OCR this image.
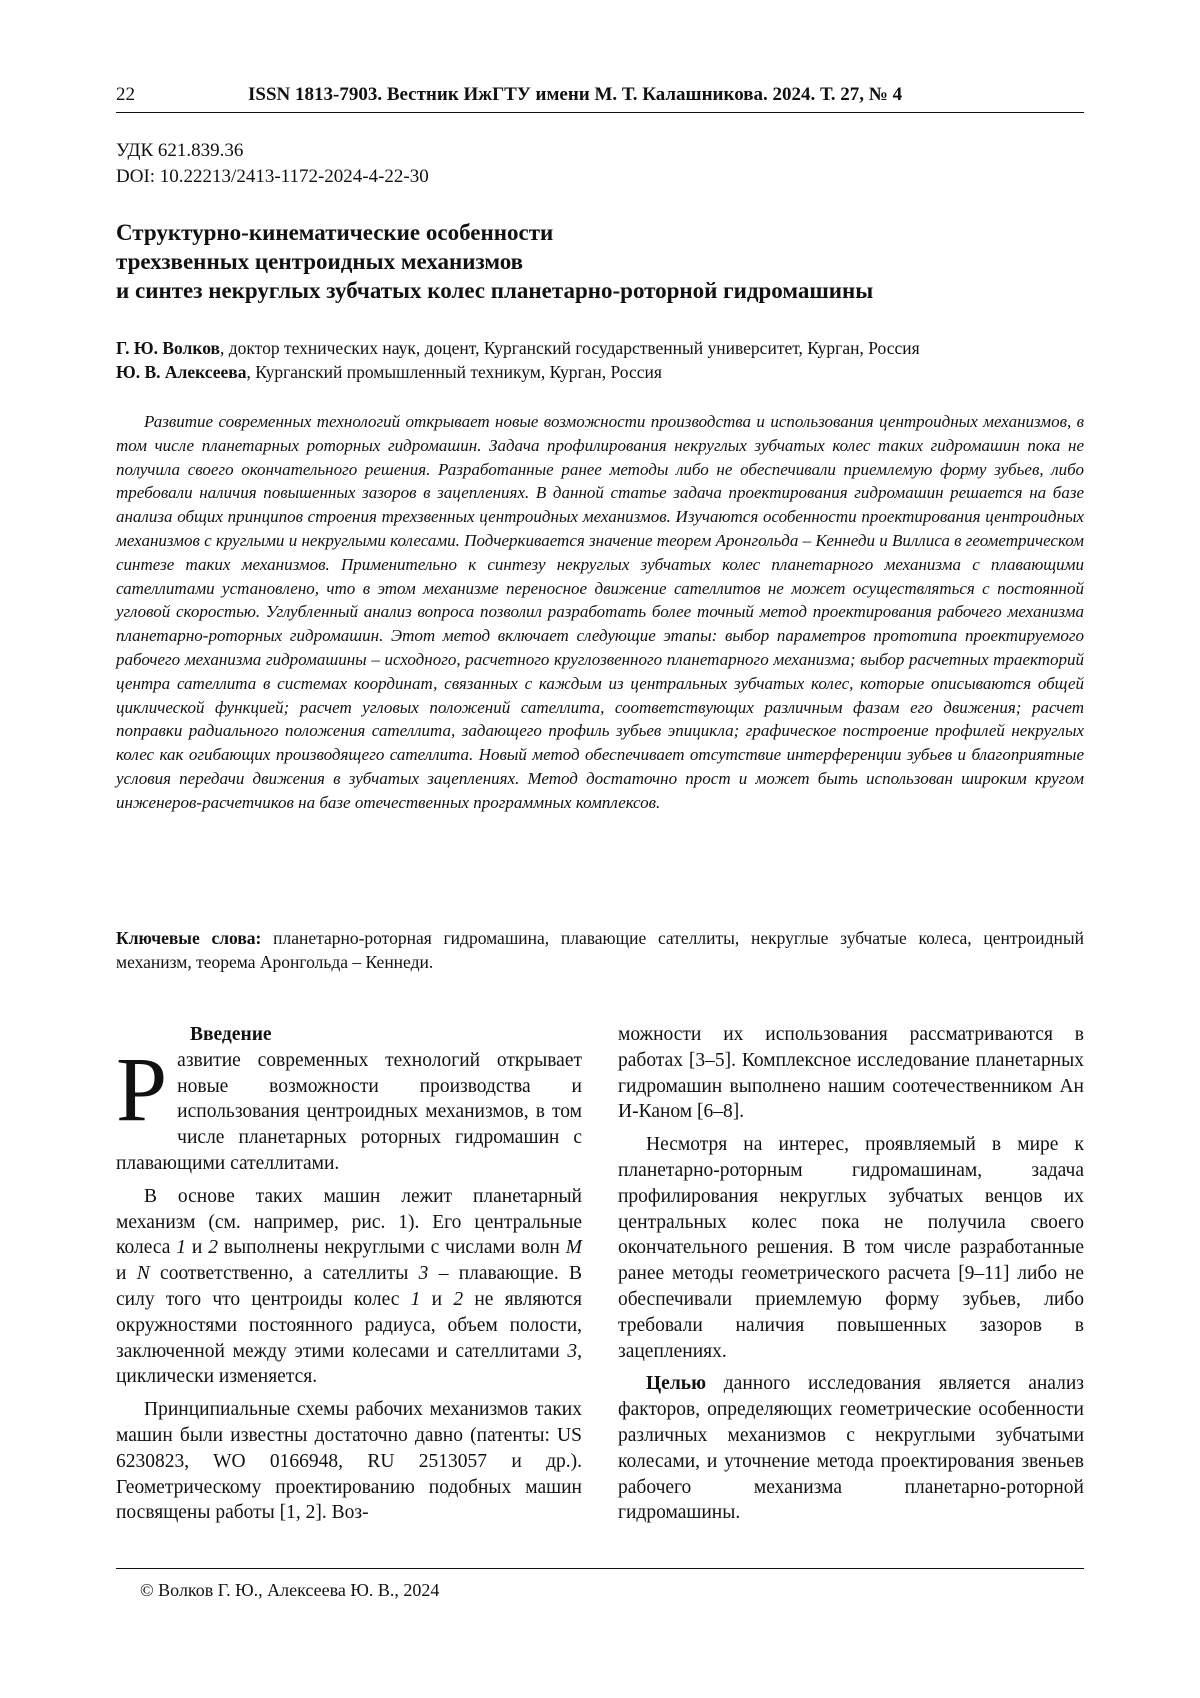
22	ISSN 1813-7903. Вестник ИжГТУ имени М. Т. Калашникова. 2024. Т. 27, № 4
УДК 621.839.36
DOI: 10.22213/2413-1172-2024-4-22-30
Структурно-кинематические особенности
трехзвенных центроидных механизмов
и синтез некруглых зубчатых колес планетарно-роторной гидромашины
Г. Ю. Волков, доктор технических наук, доцент, Курганский государственный университет, Курган, Россия
Ю. В. Алексеева, Курганский промышленный техникум, Курган, Россия
Развитие современных технологий открывает новые возможности производства и использования центроидных механизмов, в том числе планетарных роторных гидромашин. Задача профилирования некруглых зубчатых колес таких гидромашин пока не получила своего окончательного решения. Разработанные ранее методы либо не обеспечивали приемлемую форму зубьев, либо требовали наличия повышенных зазоров в зацеплениях. В данной статье задача проектирования гидромашин решается на базе анализа общих принципов строения трехзвенных центроидных механизмов. Изучаются особенности проектирования центроидных механизмов с круглыми и некруглыми колесами. Подчеркивается значение теорем Аронгольда – Кеннеди и Виллиса в геометрическом синтезе таких механизмов. Применительно к синтезу некруглых зубчатых колес планетарного механизма с плавающими сателлитами установлено, что в этом механизме переносное движение сателлитов не может осуществляться с постоянной угловой скоростью. Углубленный анализ вопроса позволил разработать более точный метод проектирования рабочего механизма планетарно-роторных гидромашин. Этот метод включает следующие этапы: выбор параметров прототипа проектируемого рабочего механизма гидромашины – исходного, расчетного круглозвенного планетарного механизма; выбор расчетных траекторий центра сателлита в системах координат, связанных с каждым из центральных зубчатых колес, которые описываются общей циклической функцией; расчет угловых положений сателлита, соответствующих различным фазам его движения; расчет поправки радиального положения сателлита, задающего профиль зубьев эпицикла; графическое построение профилей некруглых колес как огибающих производящего сателлита. Новый метод обеспечивает отсутствие интерференции зубьев и благоприятные условия передачи движения в зубчатых зацеплениях. Метод достаточно прост и может быть использован широким кругом инженеров-расчетчиков на базе отечественных программных комплексов.
Ключевые слова: планетарно-роторная гидромашина, плавающие сателлиты, некруглые зубчатые колеса, центроидный механизм, теорема Аронгольда – Кеннеди.
Введение

Развитие современных технологий открывает новые возможности производства и использования центроидных механизмов, в том числе планетарных роторных гидромашин с плавающими сателлитами.

В основе таких машин лежит планетарный механизм (см. например, рис. 1). Его центральные колеса 1 и 2 выполнены некруглыми с числами волн M и N соответственно, а сателлиты 3 – плавающие. В силу того что центроиды колес 1 и 2 не являются окружностями постоянного радиуса, объем полости, заключенной между этими колесами и сателлитами 3, циклически изменяется.

Принципиальные схемы рабочих механизмов таких машин были известны достаточно давно (патенты: US 6230823, WO 0166948, RU 2513057 и др.). Геометрическому проектированию подобных машин посвящены работы [1, 2]. Воз-

можности их использования рассматриваются в работах [3–5]. Комплексное исследование планетарных гидромашин выполнено нашим соотечественником Ан И-Каном [6–8].

Несмотря на интерес, проявляемый в мире к планетарно-роторным гидромашинам, задача профилирования некруглых зубчатых венцов их центральных колес пока не получила своего окончательного решения. В том числе разработанные ранее методы геометрического расчета [9–11] либо не обеспечивали приемлемую форму зубьев, либо требовали наличия повышенных зазоров в зацеплениях.

Целью данного исследования является анализ факторов, определяющих геометрические особенности различных механизмов с некруглыми зубчатыми колесами, и уточнение метода проектирования звеньев рабочего механизма планетарно-роторной гидромашины.

© Волков Г. Ю., Алексеева Ю. В., 2024
